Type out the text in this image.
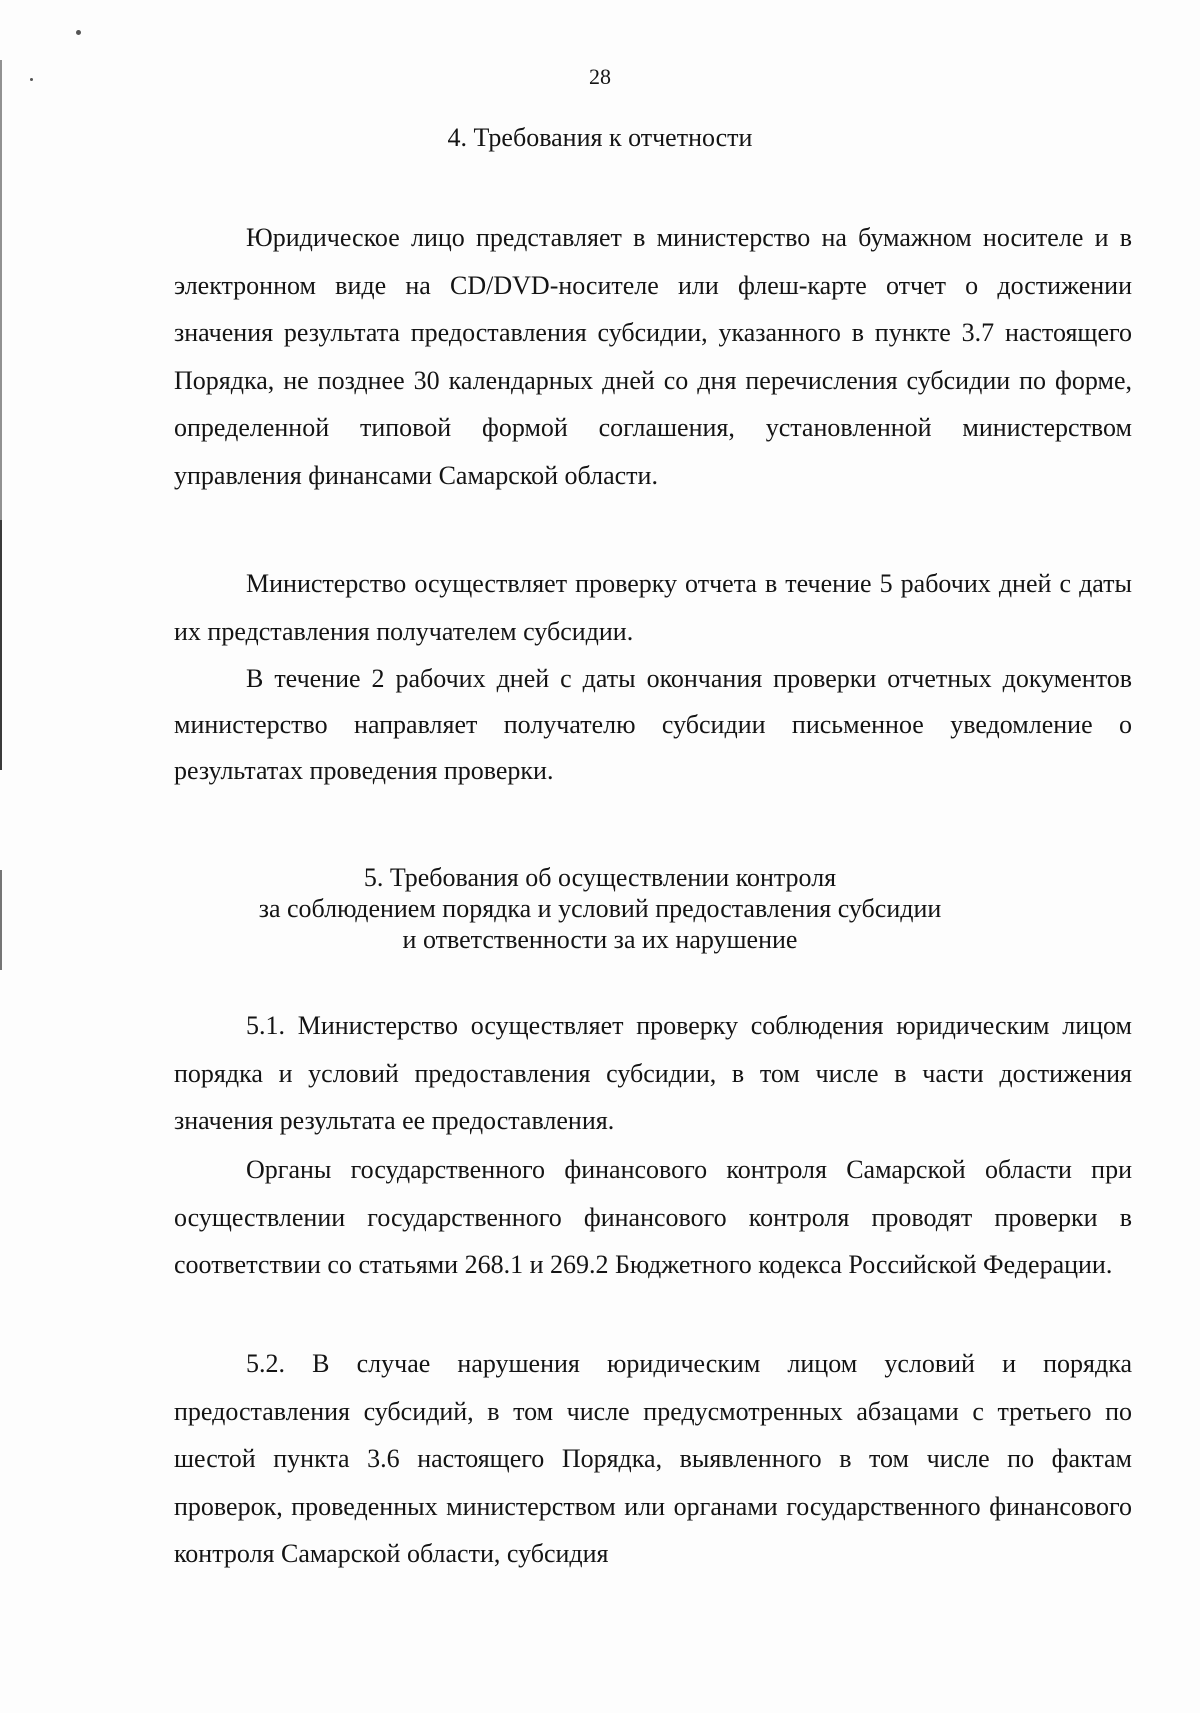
28

4. Требования к отчетности

Юридическое лицо представляет в министерство на бумажном носителе и в электронном виде на CD/DVD-носителе или флеш-карте отчет о достижении значения результата предоставления субсидии, указанного в пункте 3.7 настоящего Порядка, не позднее 30 календарных дней со дня перечисления субсидии по форме, определенной типовой формой соглашения, установленной министерством управления финансами Самарской области.

Министерство осуществляет проверку отчета в течение 5 рабочих дней с даты их представления получателем субсидии.

В течение 2 рабочих дней с даты окончания проверки отчетных документов министерство направляет получателю субсидии письменное уведомление о результатах проведения проверки.

5. Требования об осуществлении контроля
за соблюдением порядка и условий предоставления субсидии
и ответственности за их нарушение

5.1. Министерство осуществляет проверку соблюдения юридическим лицом порядка и условий предоставления субсидии, в том числе в части достижения значения результата ее предоставления.

Органы государственного финансового контроля Самарской области при осуществлении государственного финансового контроля проводят проверки в соответствии со статьями 268.1 и 269.2 Бюджетного кодекса Российской Федерации.

5.2. В случае нарушения юридическим лицом условий и порядка предоставления субсидий, в том числе предусмотренных абзацами с третьего по шестой пункта 3.6 настоящего Порядка, выявленного в том числе по фактам проверок, проведенных министерством или органами государственного финансового контроля Самарской области, субсидия
